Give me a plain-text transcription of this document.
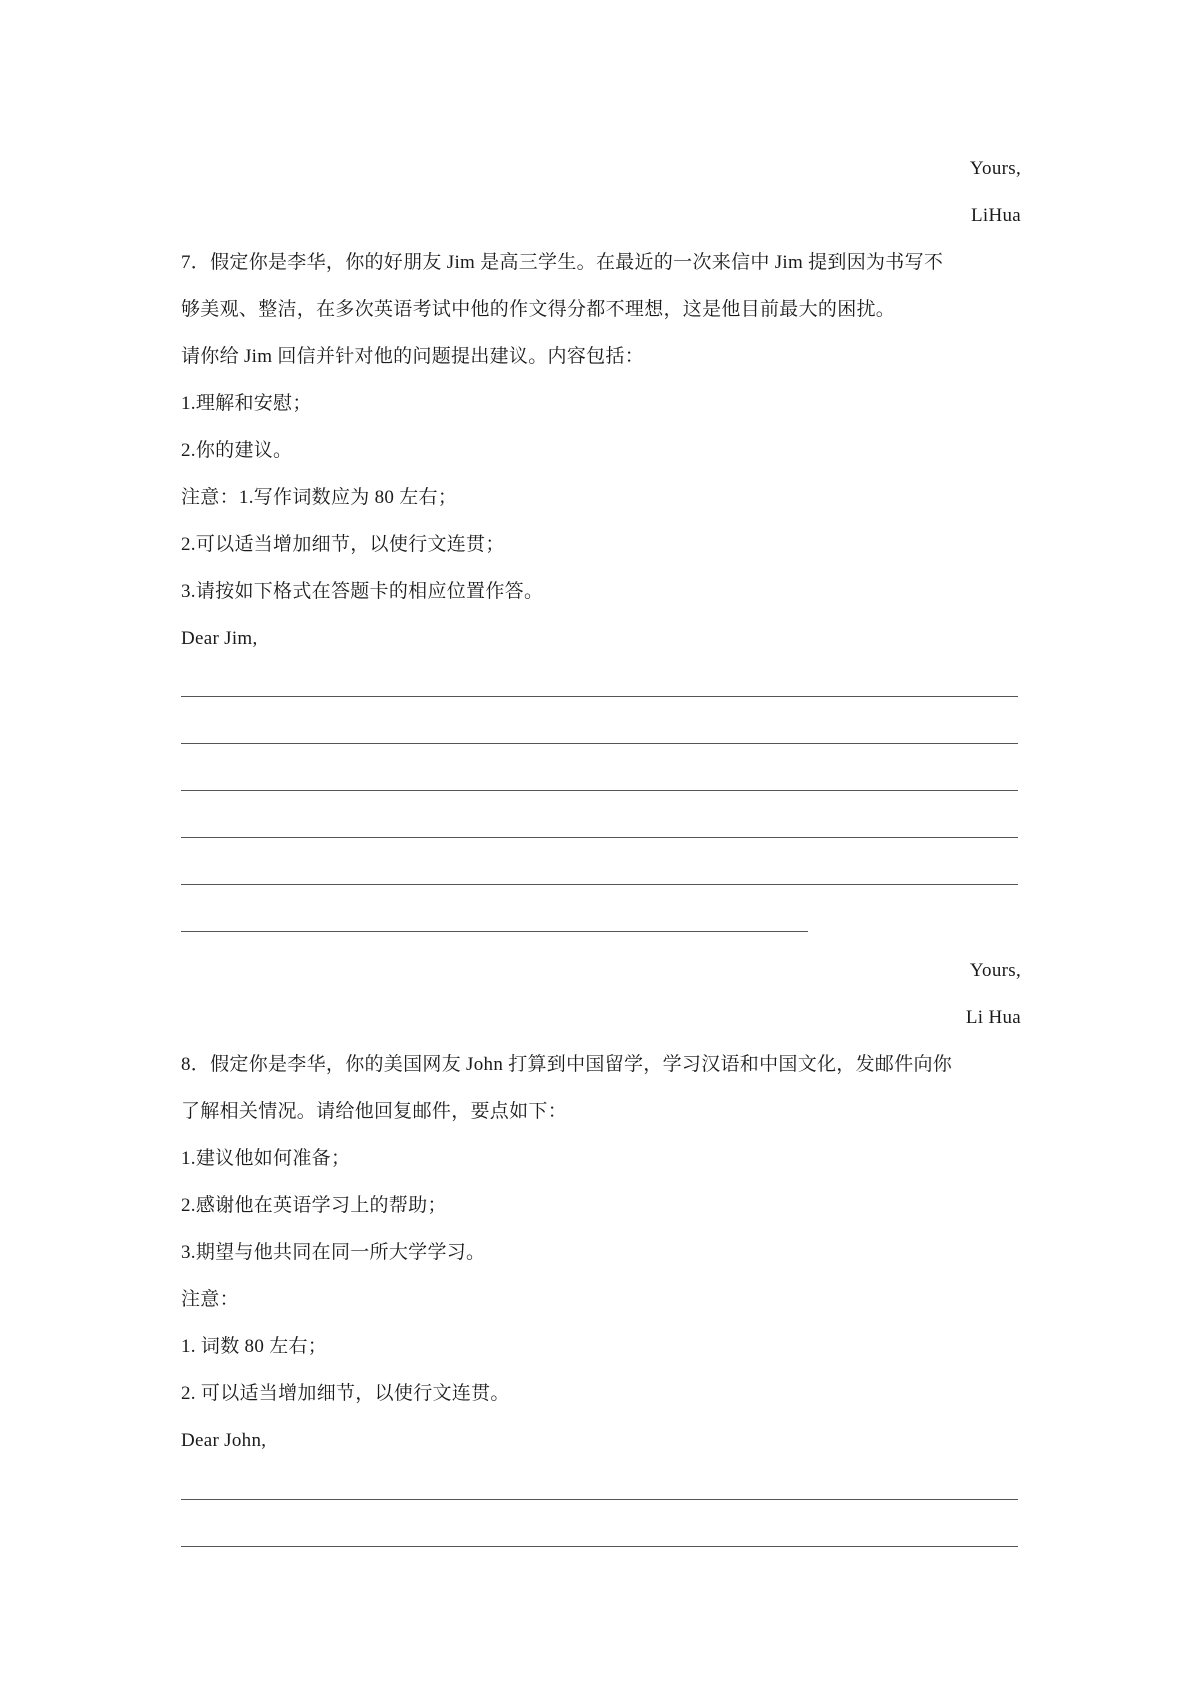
Yours,
LiHua
7．假定你是李华，你的好朋友 Jim 是高三学生。在最近的一次来信中 Jim 提到因为书写不
够美观、整洁，在多次英语考试中他的作文得分都不理想，这是他目前最大的困扰。
请你给 Jim 回信并针对他的问题提出建议。内容包括：
1.理解和安慰；
2.你的建议。
注意：1.写作词数应为 80 左右；
2.可以适当增加细节，以使行文连贯；
3.请按如下格式在答题卡的相应位置作答。
Dear Jim,
Yours,
Li Hua
8．假定你是李华，你的美国网友 John 打算到中国留学，学习汉语和中国文化，发邮件向你
了解相关情况。请给他回复邮件，要点如下：
1.建议他如何准备；
2.感谢他在英语学习上的帮助；
3.期望与他共同在同一所大学学习。
注意：
1. 词数 80 左右；
2. 可以适当增加细节，以使行文连贯。
Dear John,
